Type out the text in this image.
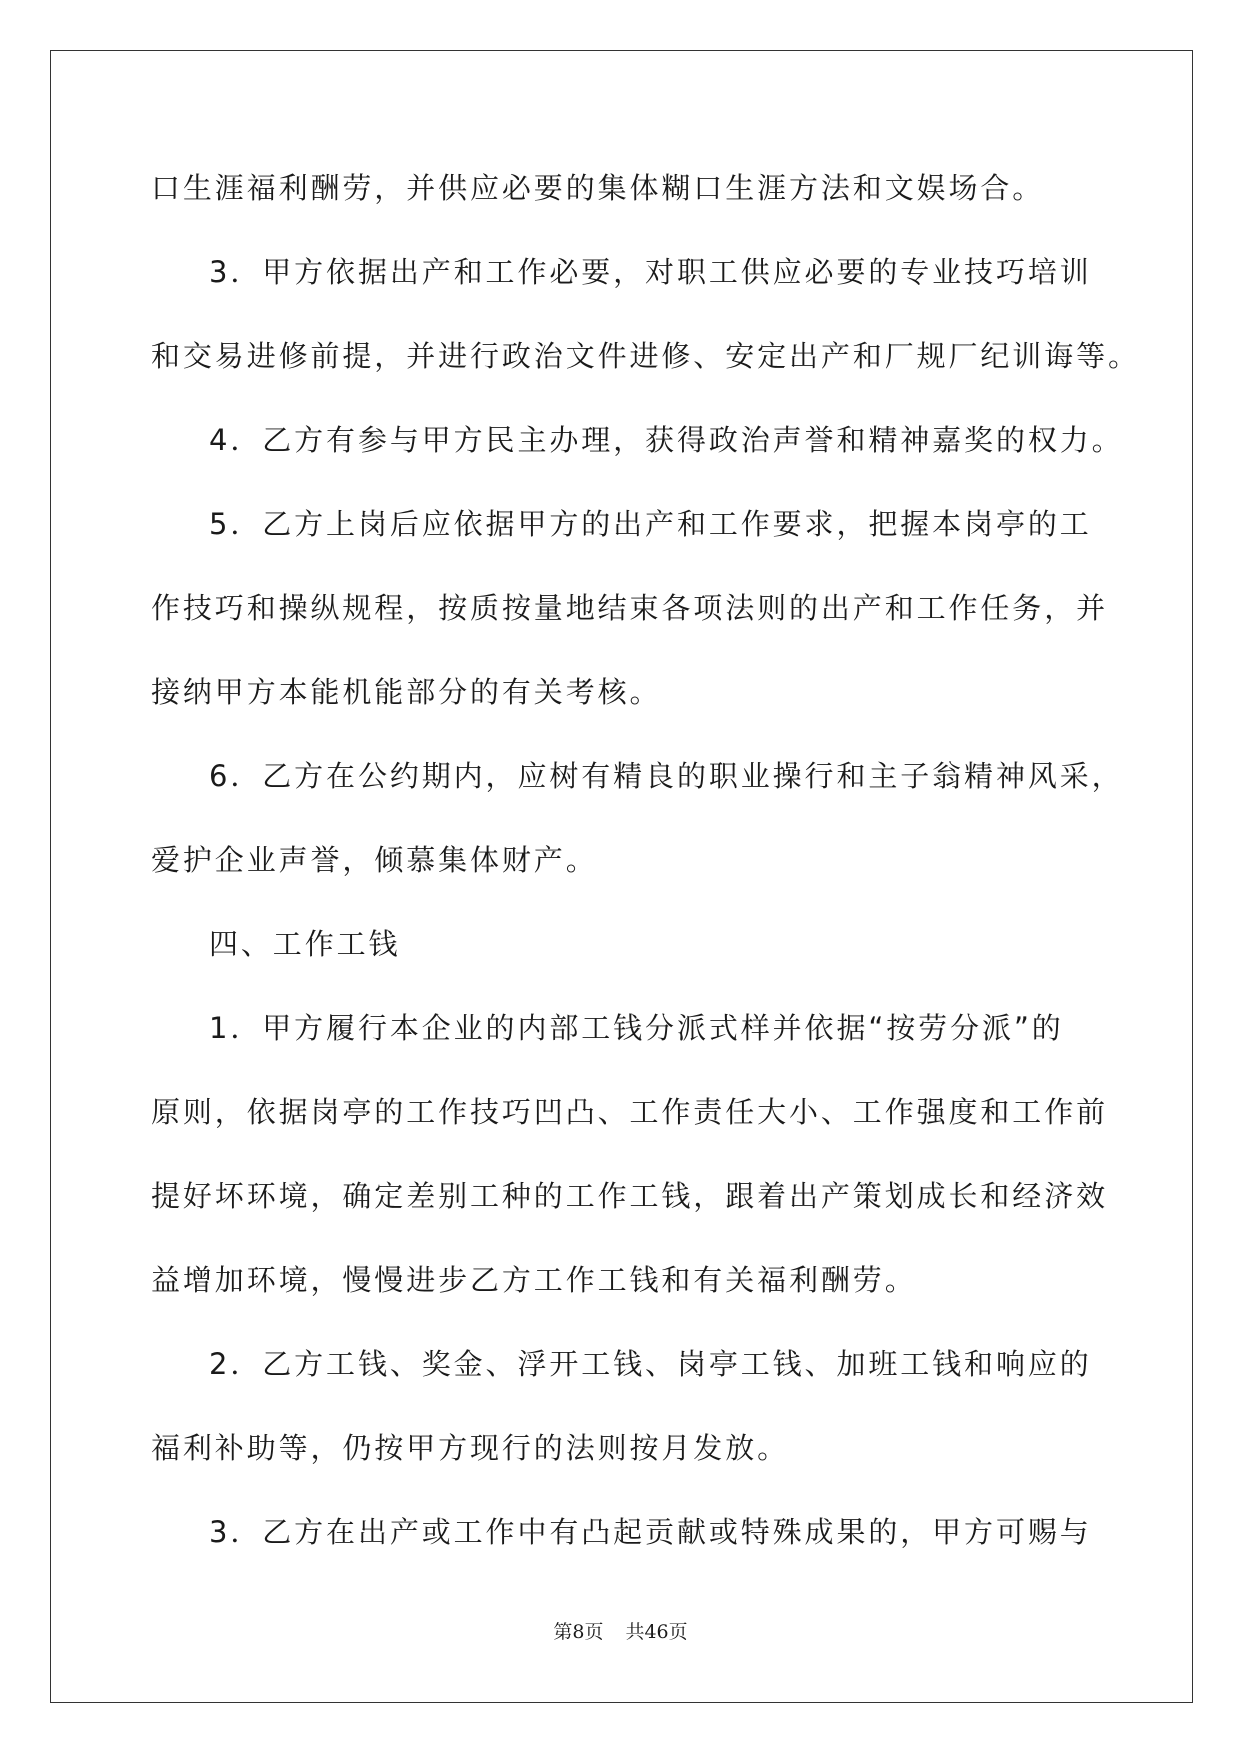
口生涯福利酬劳，并供应必要的集体糊口生涯方法和文娱场合。
3．甲方依据出产和工作必要，对职工供应必要的专业技巧培训
和交易进修前提，并进行政治文件进修、安定出产和厂规厂纪训诲等。
4．乙方有参与甲方民主办理，获得政治声誉和精神嘉奖的权力。
5．乙方上岗后应依据甲方的出产和工作要求，把握本岗亭的工
作技巧和操纵规程，按质按量地结束各项法则的出产和工作任务，并
接纳甲方本能机能部分的有关考核。
6．乙方在公约期内，应树有精良的职业操行和主子翁精神风采，
爱护企业声誉，倾慕集体财产。
四、工作工钱
1．甲方履行本企业的内部工钱分派式样并依据“按劳分派”的
原则，依据岗亭的工作技巧凹凸、工作责任大小、工作强度和工作前
提好坏环境，确定差别工种的工作工钱，跟着出产策划成长和经济效
益增加环境，慢慢进步乙方工作工钱和有关福利酬劳。
2．乙方工钱、奖金、浮开工钱、岗亭工钱、加班工钱和响应的
福利补助等，仍按甲方现行的法则按月发放。
3．乙方在出产或工作中有凸起贡献或特殊成果的，甲方可赐与
第8页 共46页
